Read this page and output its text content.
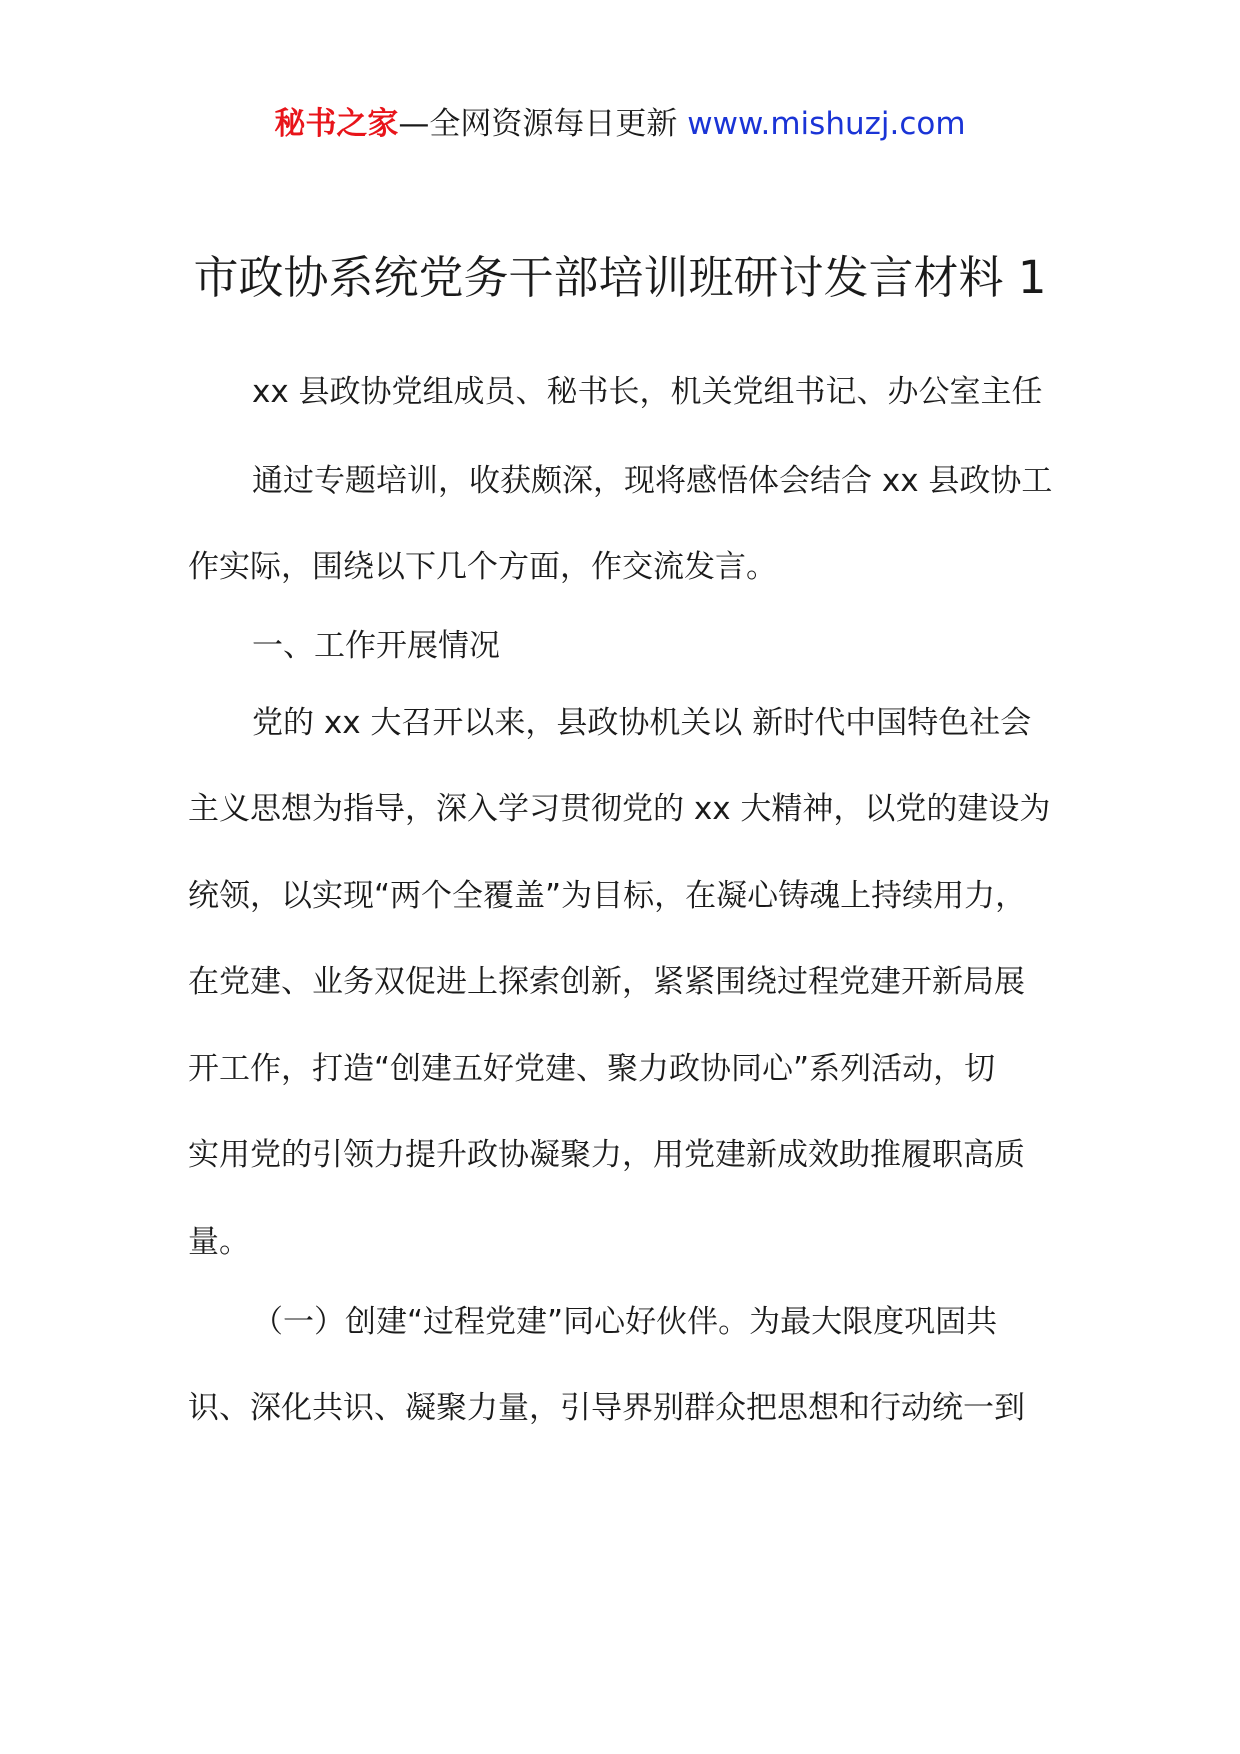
秘书之家—全网资源每日更新 www.mishuzj.com
市政协系统党务干部培训班研讨发言材料 1
xx 县政协党组成员、秘书长，机关党组书记、办公室主任
通过专题培训，收获颇深，现将感悟体会结合 xx 县政协工
作实际，围绕以下几个方面，作交流发言。
一、工作开展情况
党的 xx 大召开以来，县政协机关以 新时代中国特色社会
主义思想为指导，深入学习贯彻党的 xx 大精神，以党的建设为
统领，以实现“两个全覆盖”为目标，在凝心铸魂上持续用力，
在党建、业务双促进上探索创新，紧紧围绕过程党建开新局展
开工作，打造“创建五好党建、聚力政协同心”系列活动，切
实用党的引领力提升政协凝聚力，用党建新成效助推履职高质
量。
（一）创建“过程党建”同心好伙伴。为最大限度巩固共
识、深化共识、凝聚力量，引导界别群众把思想和行动统一到
